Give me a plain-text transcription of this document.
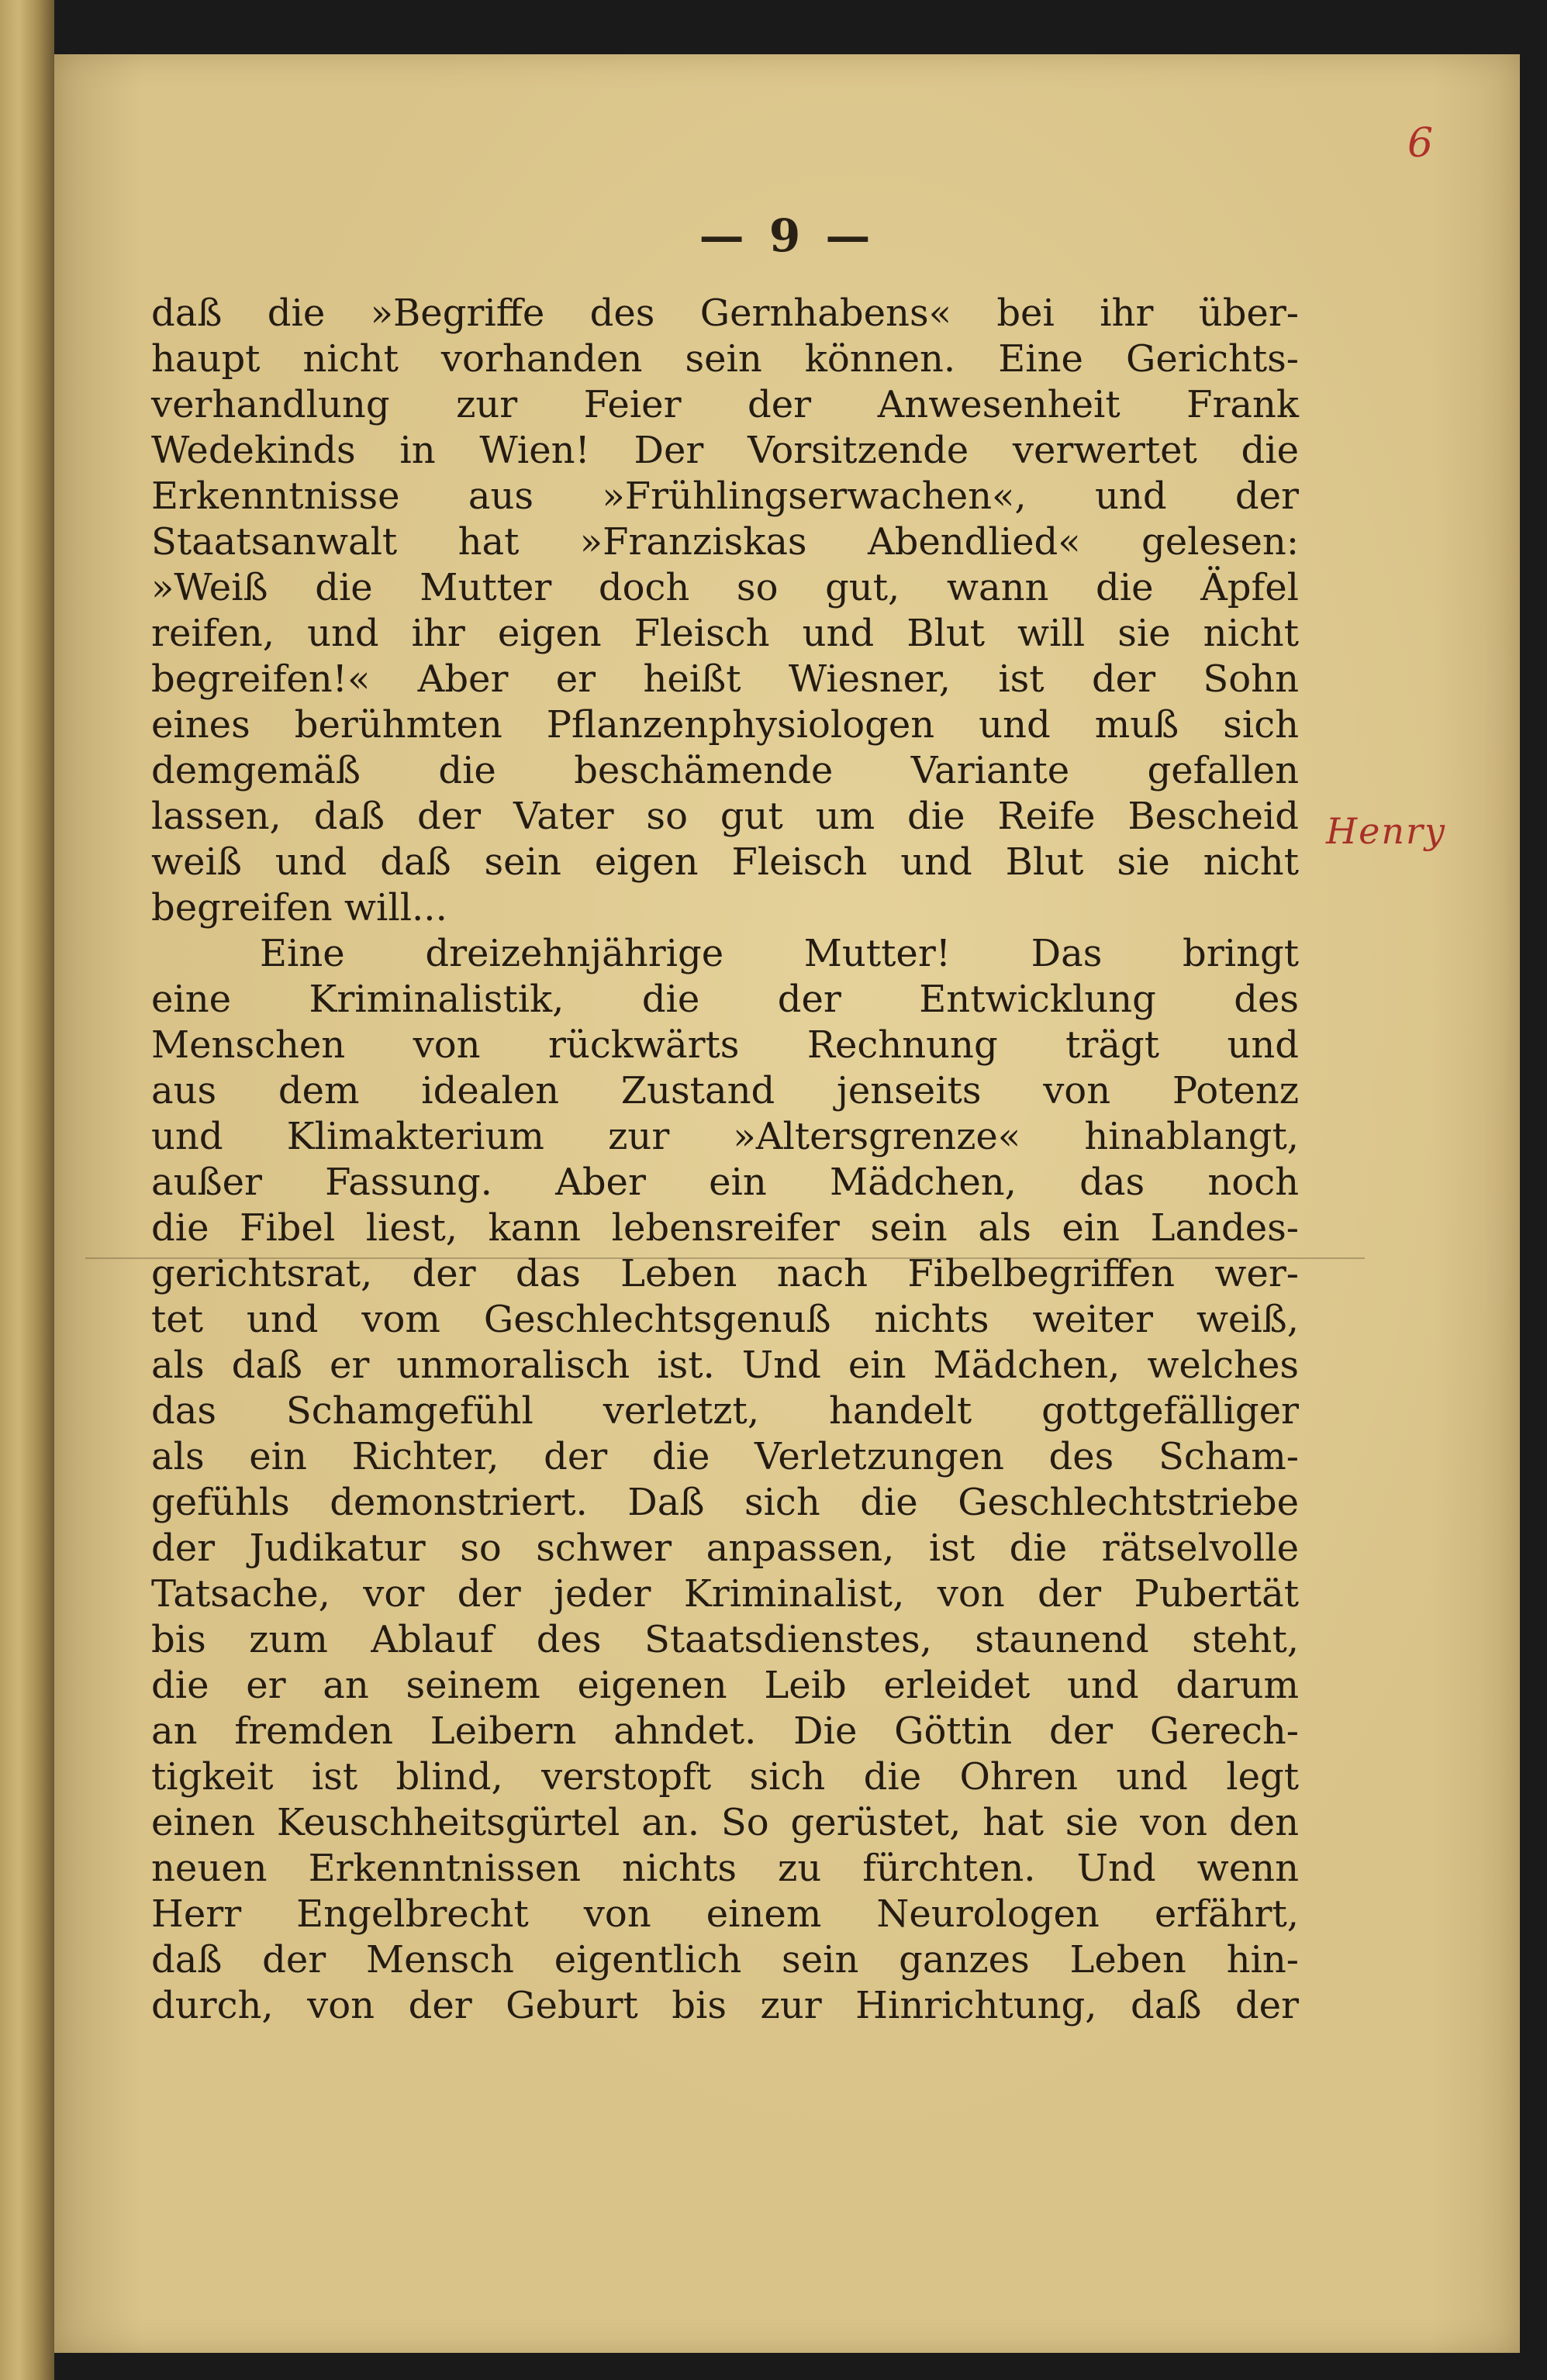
6
— 9 —
Henry
daß die »Begriffe des Gernhabens« bei ihr über-
haupt nicht vorhanden sein können. Eine Gerichts-
verhandlung zur Feier der Anwesenheit Frank
Wedekinds in Wien! Der Vorsitzende verwertet die
Erkenntnisse aus »Frühlingserwachen«, und der
Staatsanwalt hat »Franziskas Abendlied« gelesen:
»Weiß die Mutter doch so gut, wann die Äpfel
reifen, und ihr eigen Fleisch und Blut will sie nicht
begreifen!« Aber er heißt Wiesner, ist der Sohn
eines berühmten Pflanzenphysiologen und muß sich
demgemäß die beschämende Variante gefallen
lassen, daß der Vater so gut um die Reife Bescheid
weiß und daß sein eigen Fleisch und Blut sie nicht
begreifen will...
Eine dreizehnjährige Mutter! Das bringt
eine Kriminalistik, die der Entwicklung des
Menschen von rückwärts Rechnung trägt und
aus dem idealen Zustand jenseits von Potenz
und Klimakterium zur »Altersgrenze« hinablangt,
außer Fassung. Aber ein Mädchen, das noch
die Fibel liest, kann lebensreifer sein als ein Landes-
gerichtsrat, der das Leben nach Fibelbegriffen wer-
tet und vom Geschlechtsgenuß nichts weiter weiß,
als daß er unmoralisch ist. Und ein Mädchen, welches
das Schamgefühl verletzt, handelt gottgefälliger
als ein Richter, der die Verletzungen des Scham-
gefühls demonstriert. Daß sich die Geschlechtstriebe
der Judikatur so schwer anpassen, ist die rätselvolle
Tatsache, vor der jeder Kriminalist, von der Pubertät
bis zum Ablauf des Staatsdienstes, staunend steht,
die er an seinem eigenen Leib erleidet und darum
an fremden Leibern ahndet. Die Göttin der Gerech-
tigkeit ist blind, verstopft sich die Ohren und legt
einen Keuschheitsgürtel an. So gerüstet, hat sie von den
neuen Erkenntnissen nichts zu fürchten. Und wenn
Herr Engelbrecht von einem Neurologen erfährt,
daß der Mensch eigentlich sein ganzes Leben hin-
durch, von der Geburt bis zur Hinrichtung, daß der
